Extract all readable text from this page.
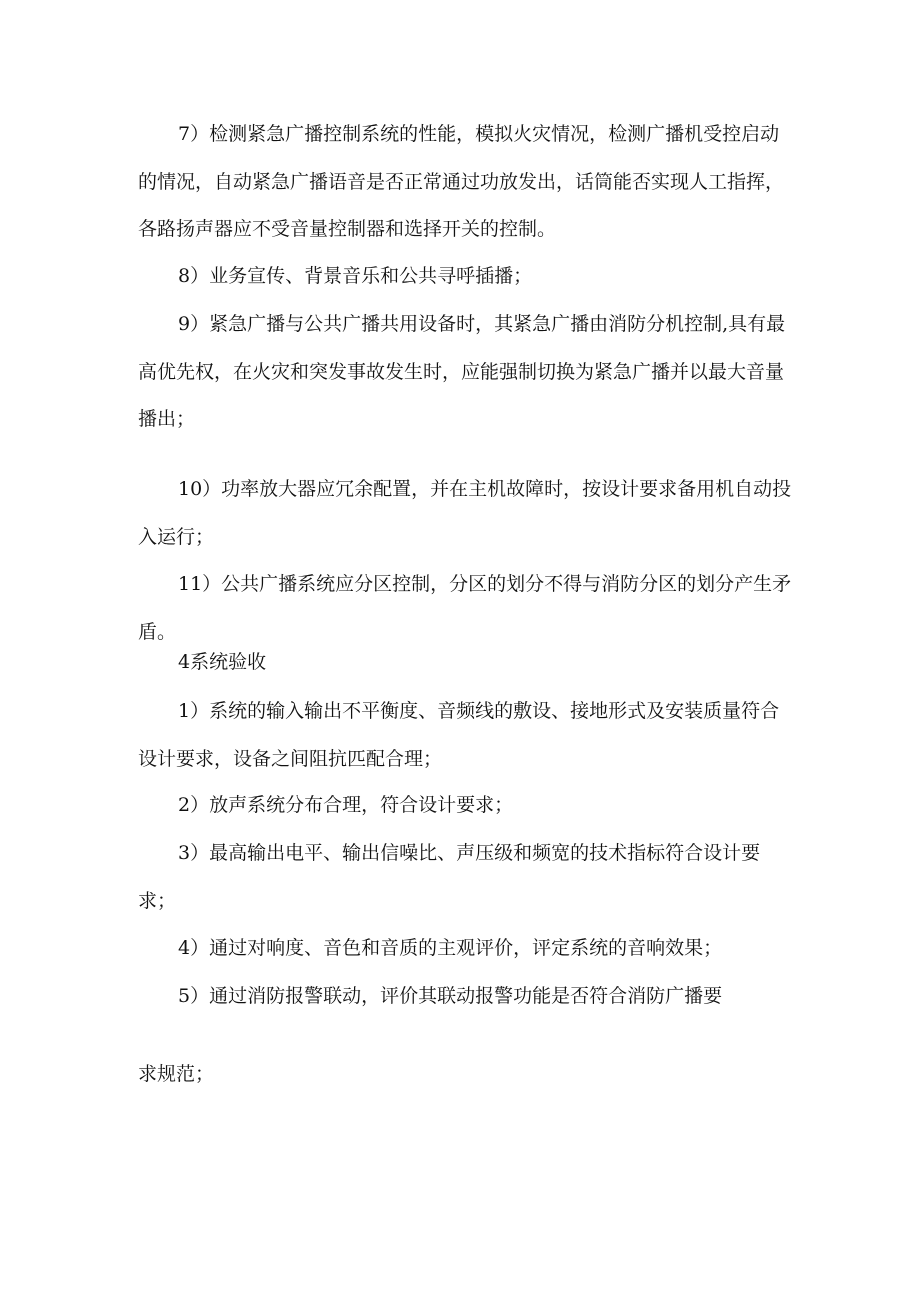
7）检测紧急广播控制系统的性能，模拟火灾情况，检测广播机受控启动的情况，自动紧急广播语音是否正常通过功放发出，话筒能否实现人工指挥，各路扬声器应不受音量控制器和选择开关的控制。

8）业务宣传、背景音乐和公共寻呼插播；

9）紧急广播与公共广播共用设备时，其紧急广播由消防分机控制,具有最高优先权，在火灾和突发事故发生时，应能强制切换为紧急广播并以最大音量播出；

10）功率放大器应冗余配置，并在主机故障时，按设计要求备用机自动投入运行；

11）公共广播系统应分区控制，分区的划分不得与消防分区的划分产生矛盾。

4系统验收

1）系统的输入输出不平衡度、音频线的敷设、接地形式及安装质量符合设计要求，设备之间阻抗匹配合理；

2）放声系统分布合理，符合设计要求；

3）最高输出电平、输出信噪比、声压级和频宽的技术指标符合设计要求；

4）通过对响度、音色和音质的主观评价，评定系统的音响效果；

5）通过消防报警联动，评价其联动报警功能是否符合消防广播要

求规范；
